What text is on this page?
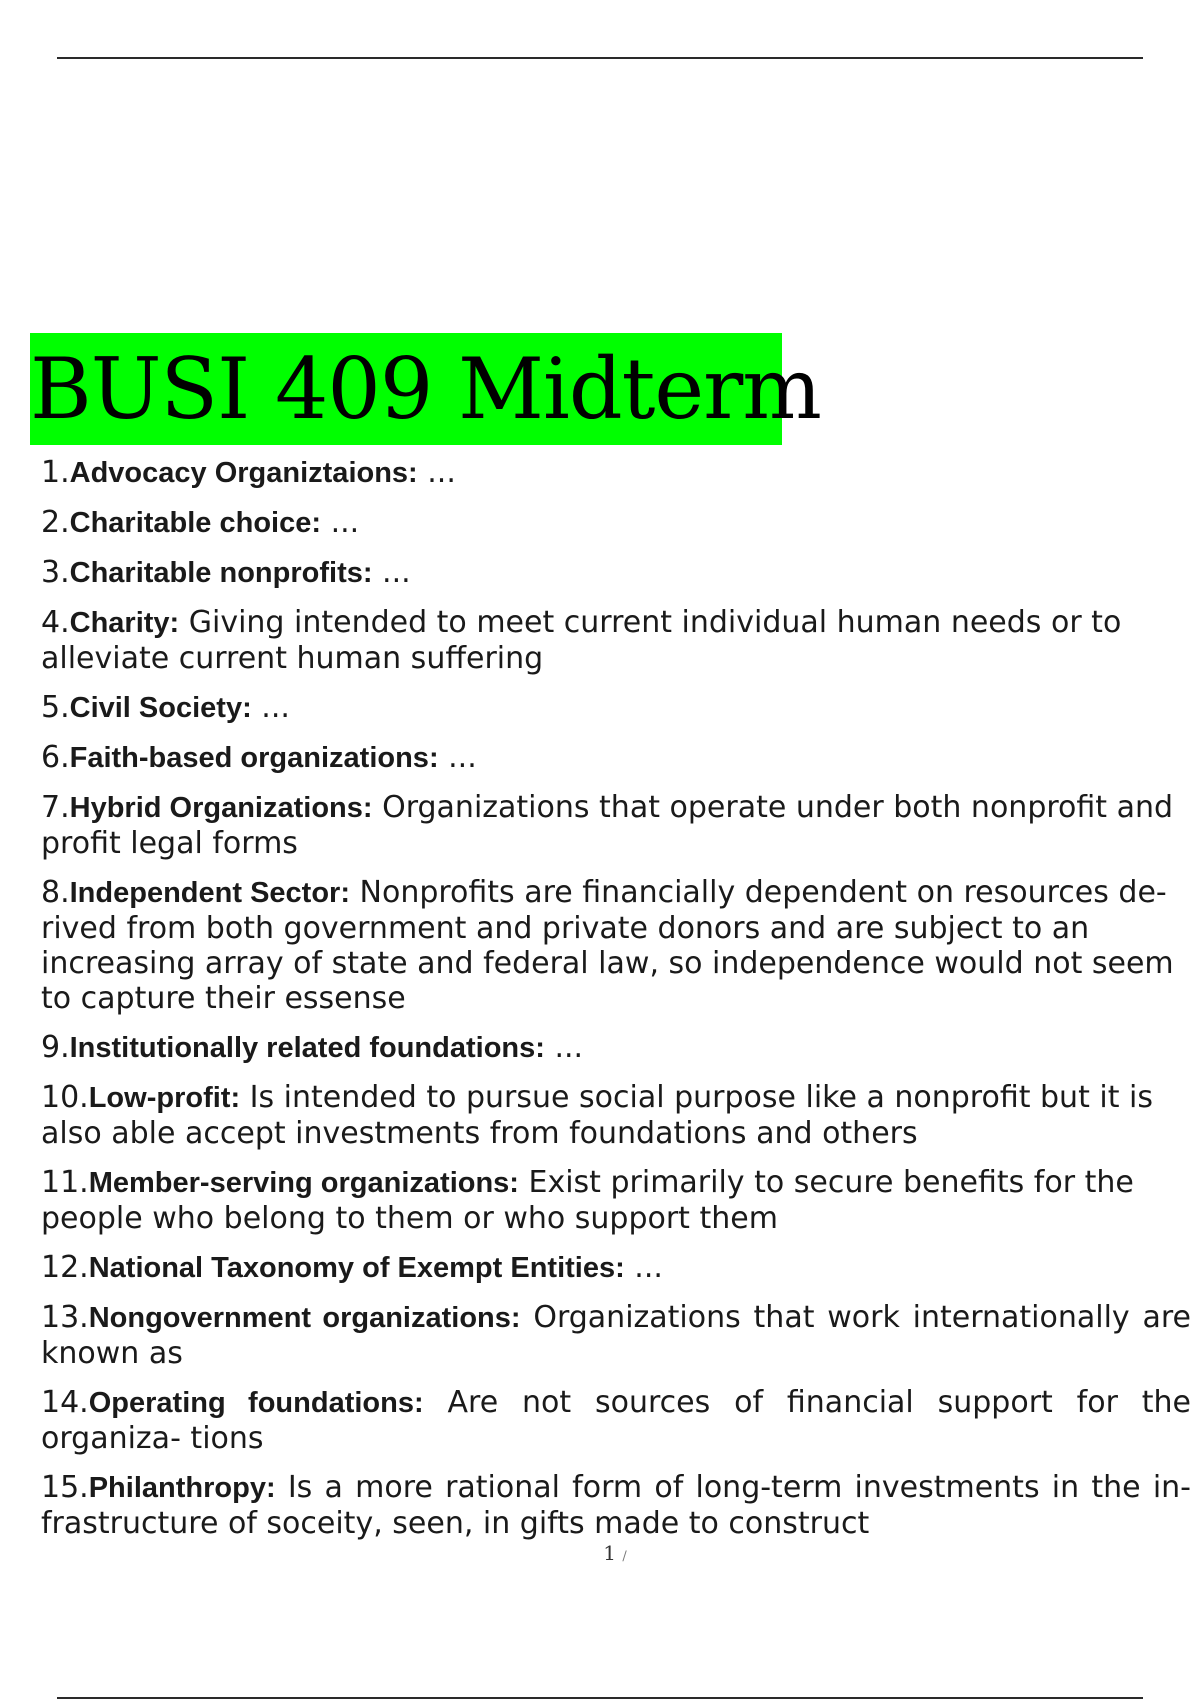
BUSI 409 Midterm
1.Advocacy Organiztaions: ...
2.Charitable choice: ...
3.Charitable nonprofits: ...
4.Charity: Giving intended to meet current individual human needs or to alleviate current human suffering
5.Civil Society: ...
6.Faith-based organizations: ...
7.Hybrid Organizations: Organizations that operate under both nonprofit and profit legal forms
8.Independent Sector: Nonprofits are financially dependent on resources de- rived from both government and private donors and are subject to an increasing array of state and federal law, so independence would not seem to capture their essense
9.Institutionally related foundations: ...
10.Low-profit: Is intended to pursue social purpose like a nonprofit but it is also able accept investments from foundations and others
11.Member-serving organizations: Exist primarily to secure benefits for the people who belong to them or who support them
12.National Taxonomy of Exempt Entities: ...
13.Nongovernment organizations: Organizations that work internationally are known as
14.Operating foundations: Are not sources of financial support for the organiza- tions
15.Philanthropy: Is a more rational form of long-term investments in the in- frastructure of soceity, seen, in gifts made to construct
1 /
